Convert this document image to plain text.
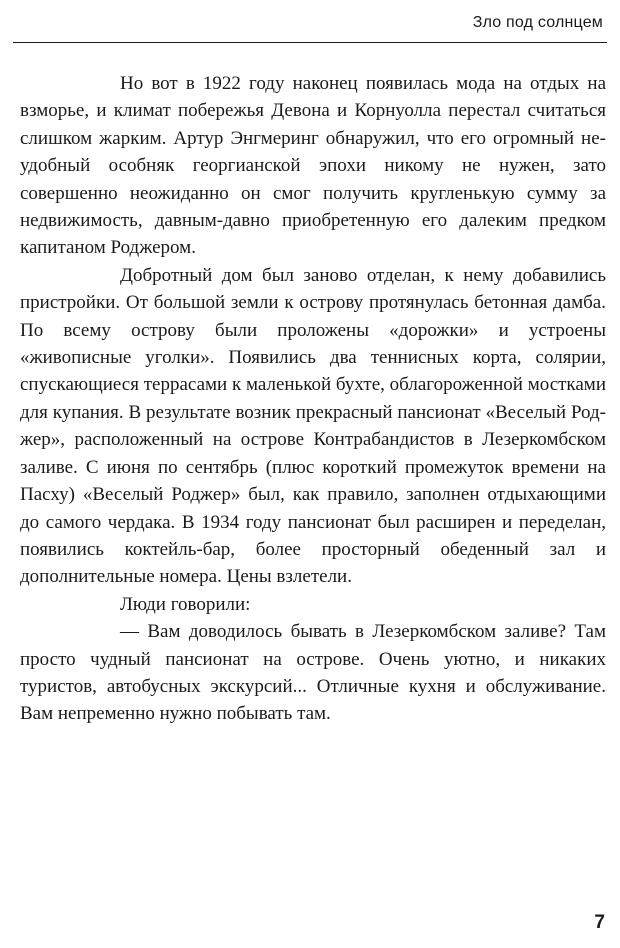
Зло под солнцем

Но вот в 1922 году наконец появилась мода на отдых на взморье, и климат побережья Девона и Корнуолла перестал считаться слишком жарким. Артур Энгмеринг обнаружил, что его огромный неудобный особняк георгианской эпохи никому не нужен, зато совершенно неожиданно он смог получить кругленькую сумму за недвижимость, давным-давно приобретенную его далеким предком капитаном Роджером.

Добротный дом был заново отделан, к нему добавились пристройки. От большой земли к острову протянулась бетонная дамба. По всему острову были проложены «дорожки» и устроены «живописные уголки». Появились два теннисных корта, солярии, спускающиеся террасами к маленькой бухте, облагороженной мостками для купания. В результате возник прекрасный пансионат «Веселый Роджер», расположенный на острове Контрабандистов в Лезеркомбском заливе. С июня по сентябрь (плюс короткий промежуток времени на Пасху) «Веселый Роджер» был, как правило, заполнен отдыхающими до самого чердака. В 1934 году пансионат был расширен и переделан, появились коктейль-бар, более просторный обеденный зал и дополнительные номера. Цены взлетели.

Люди говорили:

— Вам доводилось бывать в Лезеркомбском заливе? Там просто чудный пансионат на острове. Очень уютно, и никаких туристов, автобусных экскурсий... Отличные кухня и обслуживание. Вам непременно нужно побывать там.

7
